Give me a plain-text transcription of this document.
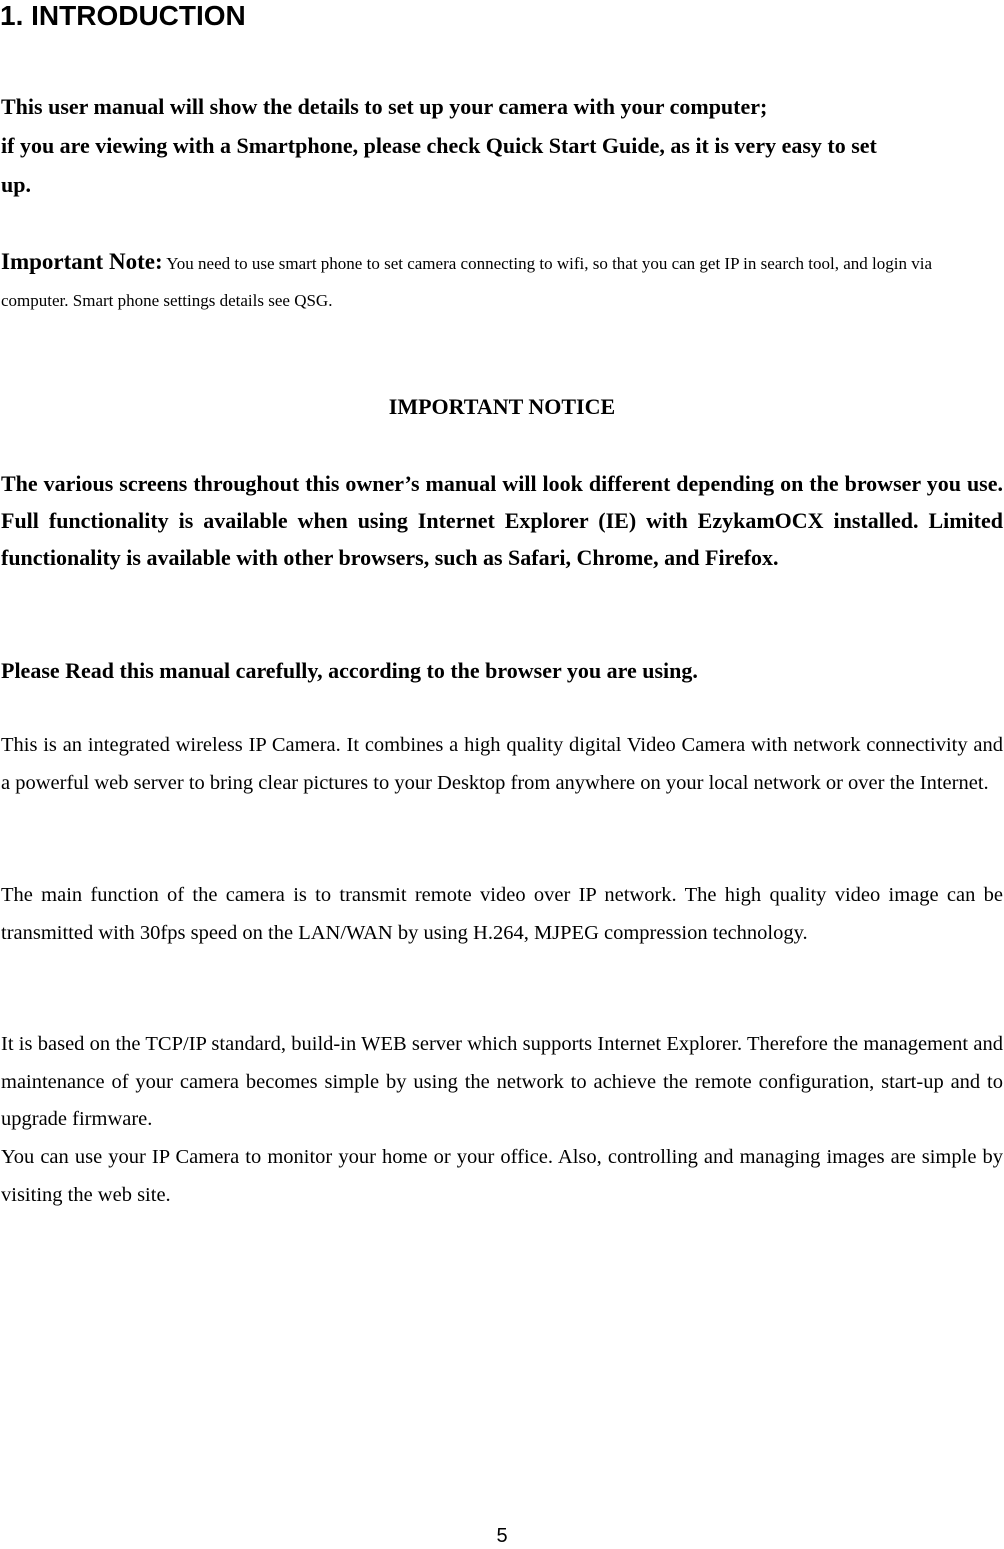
1. INTRODUCTION

This user manual will show the details to set up your camera with your computer;

if you are viewing with a Smartphone, please check Quick Start Guide, as it is very easy to set

up.

Important Note: You need to use smart phone to set camera connecting to wifi, so that you can get IP in search tool, and login via computer. Smart phone settings details see QSG.

IMPORTANT NOTICE

The various screens throughout this owner’s manual will look different depending on the browser you use. Full functionality is available when using Internet Explorer (IE) with EzykamOCX installed. Limited functionality is available with other browsers, such as Safari, Chrome, and Firefox.

Please Read this manual carefully, according to the browser you are using.

This is an integrated wireless IP Camera. It combines a high quality digital Video Camera with network connectivity and a powerful web server to bring clear pictures to your Desktop from anywhere on your local network or over the Internet.

The main function of the camera is to transmit remote video over IP network. The high quality video image can be transmitted with 30fps speed on the LAN/WAN by using H.264, MJPEG compression technology.

It is based on the TCP/IP standard, build-in WEB server which supports Internet Explorer. Therefore the management and maintenance of your camera becomes simple by using the network to achieve the remote configuration, start-up and to upgrade firmware.

You can use your IP Camera to monitor your home or your office. Also, controlling and managing images are simple by visiting the web site.

5
